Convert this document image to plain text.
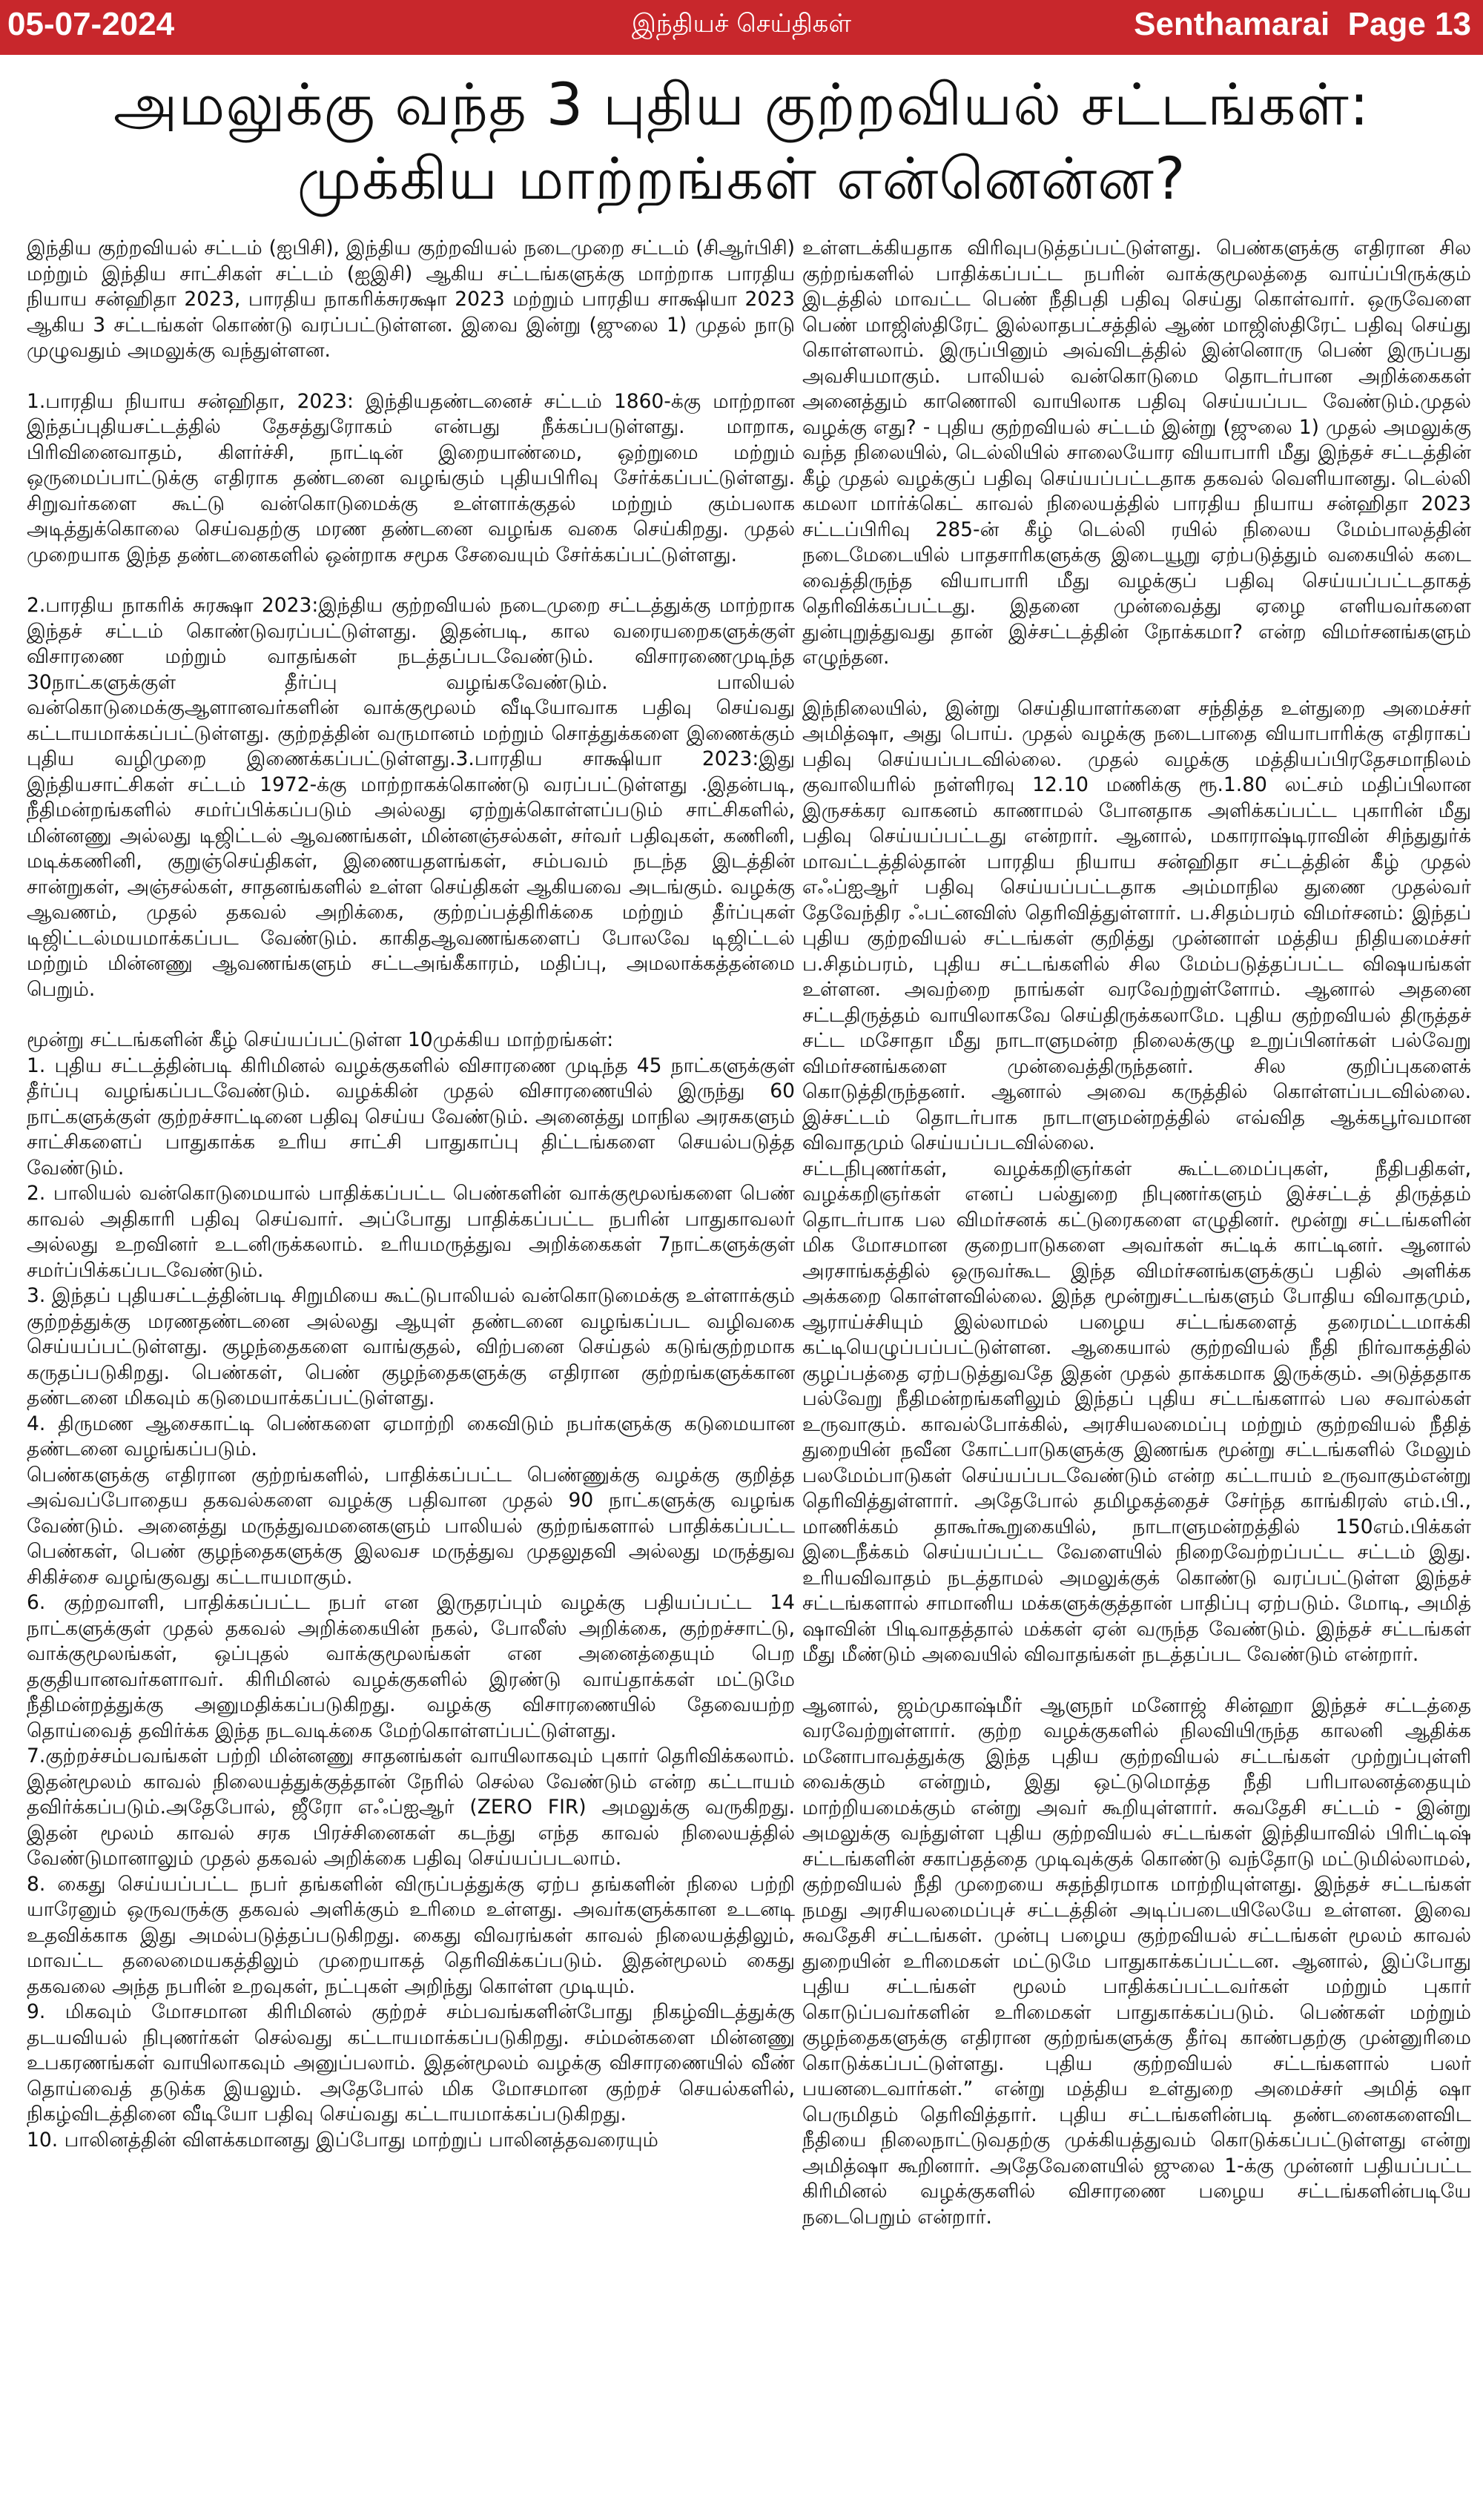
05-07-2024	இந்தியச் செய்திகள்	Senthamarai Page 13
அமலுக்கு வந்த 3 புதிய குற்றவியல் சட்டங்கள்:
முக்கிய மாற்றங்கள் என்னென்ன?

இந்திய குற்றவியல் சட்டம் (ஐபிசி), இந்திய குற்றவியல் நடைமுறை சட்டம் (சிஆர்பிசி) மற்றும் இந்திய சாட்சிகள் சட்டம் (ஐஇசி) ஆகிய சட்டங்களுக்கு மாற்றாக பாரதிய நியாய சன்ஹிதா 2023, பாரதிய நாகரிக்சுரக்ஷா 2023 மற்றும் பாரதிய சாக்ஷியா 2023 ஆகிய 3 சட்டங்கள் கொண்டு வரப்பட்டுள்ளன. இவை இன்று (ஜுலை 1) முதல் நாடு முழுவதும் அமலுக்கு வந்துள்ளன.

1.பாரதிய நியாய சன்ஹிதா, 2023: இந்தியதண்டனைச் சட்டம் 1860-க்கு மாற்றான இந்தப்புதியசட்டத்தில் தேசத்துரோகம் என்பது நீக்கப்படுள்ளது. மாறாக, பிரிவினைவாதம், கிளர்ச்சி, நாட்டின் இறையாண்மை, ஒற்றுமை மற்றும் ஒருமைப்பாட்டுக்கு எதிராக தண்டனை வழங்கும் புதியபிரிவு சேர்க்கப்பட்டுள்ளது. சிறுவர்களை கூட்டு வன்கொடுமைக்கு உள்ளாக்குதல் மற்றும் கும்பலாக அடித்துக்கொலை செய்வதற்கு மரண தண்டனை வழங்க வகை செய்கிறது. முதல் முறையாக இந்த தண்டனைகளில் ஒன்றாக சமூக சேவையும் சேர்க்கப்பட்டுள்ளது.

2.பாரதிய நாகரிக் சுரக்ஷா 2023:இந்திய குற்றவியல் நடைமுறை சட்டத்துக்கு மாற்றாக இந்தச் சட்டம் கொண்டுவரப்பட்டுள்ளது. இதன்படி, கால வரையறைகளுக்குள் விசாரணை மற்றும் வாதங்கள் நடத்தப்படவேண்டும். விசாரணைமுடிந்த 30நாட்களுக்குள் தீர்ப்பு வழங்கவேண்டும். பாலியல் வன்கொடுமைக்குஆளானவர்களின் வாக்குமூலம் வீடியோவாக பதிவு செய்வது கட்டாயமாக்கப்பட்டுள்ளது. குற்றத்தின் வருமானம் மற்றும் சொத்துக்களை இணைக்கும் புதிய வழிமுறை இணைக்கப்பட்டுள்ளது.3.பாரதிய சாக்ஷியா 2023:இது இந்தியசாட்சிகள் சட்டம் 1972-க்கு மாற்றாகக்கொண்டு வரப்பட்டுள்ளது .இதன்படி, நீதிமன்றங்களில் சமர்ப்பிக்கப்படும் அல்லது ஏற்றுக்கொள்ளப்படும் சாட்சிகளில், மின்னணு அல்லது டிஜிட்டல் ஆவணங்கள், மின்னஞ்சல்கள், சர்வர் பதிவுகள், கணினி, மடிக்கணினி, குறுஞ்செய்திகள், இணையதளங்கள், சம்பவம் நடந்த இடத்தின் சான்றுகள், அஞ்சல்கள், சாதனங்களில் உள்ள செய்திகள் ஆகியவை அடங்கும். வழக்கு ஆவணம், முதல் தகவல் அறிக்கை, குற்றப்பத்திரிக்கை மற்றும் தீர்ப்புகள் டிஜிட்டல்மயமாக்கப்பட வேண்டும். காகிதஆவணங்களைப் போலவே டிஜிட்டல் மற்றும் மின்னணு ஆவணங்களும் சட்டஅங்கீகாரம், மதிப்பு, அமலாக்கத்தன்மை பெறும்.

மூன்று சட்டங்களின் கீழ் செய்யப்பட்டுள்ள 10முக்கிய மாற்றங்கள்:
1. புதிய சட்டத்தின்படி கிரிமினல் வழக்குகளில் விசாரணை முடிந்த 45 நாட்களுக்குள் தீர்ப்பு வழங்கப்படவேண்டும். வழக்கின் முதல் விசாரணையில் இருந்து 60 நாட்களுக்குள் குற்றச்சாட்டினை பதிவு செய்ய வேண்டும். அனைத்து மாநில அரசுகளும் சாட்சிகளைப் பாதுகாக்க உரிய சாட்சி பாதுகாப்பு திட்டங்களை செயல்படுத்த வேண்டும்.
2. பாலியல் வன்கொடுமையால் பாதிக்கப்பட்ட பெண்களின் வாக்குமூலங்களை பெண் காவல் அதிகாரி பதிவு செய்வார். அப்போது பாதிக்கப்பட்ட நபரின் பாதுகாவலர் அல்லது உறவினர் உடனிருக்கலாம். உரியமருத்துவ அறிக்கைகள் 7நாட்களுக்குள் சமர்ப்பிக்கப்படவேண்டும்.
3. இந்தப் புதியசட்டத்தின்படி சிறுமியை கூட்டுபாலியல் வன்கொடுமைக்கு உள்ளாக்கும் குற்றத்துக்கு மரணதண்டனை அல்லது ஆயுள் தண்டனை வழங்கப்பட வழிவகை செய்யப்பட்டுள்ளது. குழந்தைகளை வாங்குதல், விற்பனை செய்தல் கடுங்குற்றமாக கருதப்படுகிறது. பெண்கள், பெண் குழந்தைகளுக்கு எதிரான குற்றங்களுக்கான தண்டனை மிகவும் கடுமையாக்கப்பட்டுள்ளது.
4. திருமண ஆசைகாட்டி பெண்களை ஏமாற்றி கைவிடும் நபர்களுக்கு கடுமையான தண்டனை வழங்கப்படும்.
பெண்களுக்கு எதிரான குற்றங்களில், பாதிக்கப்பட்ட பெண்ணுக்கு வழக்கு குறித்த அவ்வப்போதைய தகவல்களை வழக்கு பதிவான முதல் 90 நாட்களுக்கு வழங்க வேண்டும். அனைத்து மருத்துவமனைகளும் பாலியல் குற்றங்களால் பாதிக்கப்பட்ட பெண்கள், பெண் குழந்தைகளுக்கு இலவச மருத்துவ முதலுதவி அல்லது மருத்துவ சிகிச்சை வழங்குவது கட்டாயமாகும்.
6. குற்றவாளி, பாதிக்கப்பட்ட நபர் என இருதரப்பும் வழக்கு பதியப்பட்ட 14 நாட்களுக்குள் முதல் தகவல் அறிக்கையின் நகல், போலீஸ் அறிக்கை, குற்றச்சாட்டு, வாக்குமூலங்கள், ஒப்புதல் வாக்குமூலங்கள் என அனைத்தையும் பெற தகுதியானவர்களாவர். கிரிமினல் வழக்குகளில் இரண்டு வாய்தாக்கள் மட்டுமே நீதிமன்றத்துக்கு அனுமதிக்கப்படுகிறது. வழக்கு விசாரணையில் தேவையற்ற தொய்வைத் தவிர்க்க இந்த நடவடிக்கை மேற்கொள்ளப்பட்டுள்ளது.
7.குற்றச்சம்பவங்கள் பற்றி மின்னணு சாதனங்கள் வாயிலாகவும் புகார் தெரிவிக்கலாம். இதன்மூலம் காவல் நிலையத்துக்குத்தான் நேரில் செல்ல வேண்டும் என்ற கட்டாயம் தவிர்க்கப்படும்.அதேபோல், ஜீரோ எஃப்ஐஆர் (ZERO FIR) அமலுக்கு வருகிறது. இதன் மூலம் காவல் சரக பிரச்சினைகள் கடந்து எந்த காவல் நிலையத்தில் வேண்டுமானாலும் முதல் தகவல் அறிக்கை பதிவு செய்யப்படலாம்.
8. கைது செய்யப்பட்ட நபர் தங்களின் விருப்பத்துக்கு ஏற்ப தங்களின் நிலை பற்றி யாரேனும் ஒருவருக்கு தகவல் அளிக்கும் உரிமை உள்ளது. அவர்களுக்கான உடனடி உதவிக்காக இது அமல்படுத்தப்படுகிறது. கைது விவரங்கள் காவல் நிலையத்திலும், மாவட்ட தலைமையகத்திலும் முறையாகத் தெரிவிக்கப்படும். இதன்மூலம் கைது தகவலை அந்த நபரின் உறவுகள், நட்புகள் அறிந்து கொள்ள முடியும்.
9. மிகவும் மோசமான கிரிமினல் குற்றச் சம்பவங்களின்போது நிகழ்விடத்துக்கு தடயவியல் நிபுணர்கள் செல்வது கட்டாயமாக்கப்படுகிறது. சம்மன்களை மின்னணு உபகரணங்கள் வாயிலாகவும் அனுப்பலாம். இதன்மூலம் வழக்கு விசாரணையில் வீண் தொய்வைத் தடுக்க இயலும். அதேபோல் மிக மோசமான குற்றச் செயல்களில், நிகழ்விடத்தினை வீடியோ பதிவு செய்வது கட்டாயமாக்கப்படுகிறது.
10. பாலினத்தின் விளக்கமானது இப்போது மாற்றுப் பாலினத்தவரையும்

உள்ளடக்கியதாக விரிவுபடுத்தப்பட்டுள்ளது. பெண்களுக்கு எதிரான சில குற்றங்களில் பாதிக்கப்பட்ட நபரின் வாக்குமூலத்தை வாய்ப்பிருக்கும் இடத்தில் மாவட்ட பெண் நீதிபதி பதிவு செய்து கொள்வார். ஒருவேளை பெண் மாஜிஸ்திரேட் இல்லாதபட்சத்தில் ஆண் மாஜிஸ்திரேட் பதிவு செய்து கொள்ளலாம். இருப்பினும் அவ்விடத்தில் இன்னொரு பெண் இருப்பது அவசியமாகும். பாலியல் வன்கொடுமை தொடர்பான அறிக்கைகள் அனைத்தும் காணொலி வாயிலாக பதிவு செய்யப்பட வேண்டும்.முதல் வழக்கு எது? - புதிய குற்றவியல் சட்டம் இன்று (ஜுலை 1) முதல் அமலுக்கு வந்த நிலையில், டெல்லியில் சாலையோர வியாபாரி மீது இந்தச் சட்டத்தின் கீழ் முதல் வழக்குப் பதிவு செய்யப்பட்டதாக தகவல் வெளியானது. டெல்லி கமலா மார்க்கெட் காவல் நிலையத்தில் பாரதிய நியாய சன்ஹிதா 2023 சட்டப்பிரிவு 285-ன் கீழ் டெல்லி ரயில் நிலைய மேம்பாலத்தின் நடைமேடையில் பாதசாரிகளுக்கு இடையூறு ஏற்படுத்தும் வகையில் கடை வைத்திருந்த வியாபாரி மீது வழக்குப் பதிவு செய்யப்பட்டதாகத் தெரிவிக்கப்பட்டது. இதனை முன்வைத்து ஏழை எளியவர்களை துன்புறுத்துவது தான் இச்சட்டத்தின் நோக்கமா? என்ற விமர்சனங்களும் எழுந்தன.

இந்நிலையில், இன்று செய்தியாளர்களை சந்தித்த உள்துறை அமைச்சர் அமித்ஷா, அது பொய். முதல் வழக்கு நடைபாதை வியாபாரிக்கு எதிராகப் பதிவு செய்யப்படவில்லை. முதல் வழக்கு மத்தியப்பிரதேசமாநிலம் குவாலியரில் நள்ளிரவு 12.10 மணிக்கு ரூ.1.80 லட்சம் மதிப்பிலான இருசக்கர வாகனம் காணாமல் போனதாக அளிக்கப்பட்ட புகாரின் மீது பதிவு செய்யப்பட்டது என்றார். ஆனால், மகாராஷ்டிராவின் சிந்துதுர்க் மாவட்டத்தில்தான் பாரதிய நியாய சன்ஹிதா சட்டத்தின் கீழ் முதல் எஃப்ஐஆர் பதிவு செய்யப்பட்டதாக அம்மாநில துணை முதல்வர் தேவேந்திர ஃபட்னவிஸ் தெரிவித்துள்ளார். ப.சிதம்பரம் விமர்சனம்: இந்தப் புதிய குற்றவியல் சட்டங்கள் குறித்து முன்னாள் மத்திய நிதியமைச்சர் ப.சிதம்பரம், புதிய சட்டங்களில் சில மேம்படுத்தப்பட்ட விஷயங்கள் உள்ளன. அவற்றை நாங்கள் வரவேற்றுள்ளோம். ஆனால் அதனை சட்டதிருத்தம் வாயிலாகவே செய்திருக்கலாமே. புதிய குற்றவியல் திருத்தச் சட்ட மசோதா மீது நாடாளுமன்ற நிலைக்குழு உறுப்பினர்கள் பல்வேறு விமர்சனங்களை முன்வைத்திருந்தனர். சில குறிப்புகளைக் கொடுத்திருந்தனர். ஆனால் அவை கருத்தில் கொள்ளப்படவில்லை. இச்சட்டம் தொடர்பாக நாடாளுமன்றத்தில் எவ்வித ஆக்கபூர்வமான விவாதமும் செய்யப்படவில்லை.
சட்டநிபுணர்கள், வழக்கறிஞர்கள் கூட்டமைப்புகள், நீதிபதிகள், வழக்கறிஞர்கள் எனப் பல்துறை நிபுணர்களும் இச்சட்டத் திருத்தம் தொடர்பாக பல விமர்சனக் கட்டுரைகளை எழுதினர். மூன்று சட்டங்களின் மிக மோசமான குறைபாடுகளை அவர்கள் சுட்டிக் காட்டினர். ஆனால் அரசாங்கத்தில் ஒருவர்கூட இந்த விமர்சனங்களுக்குப் பதில் அளிக்க அக்கறை கொள்ளவில்லை. இந்த மூன்றுசட்டங்களும் போதிய விவாதமும், ஆராய்ச்சியும் இல்லாமல் பழைய சட்டங்களைத் தரைமட்டமாக்கி கட்டியெழுப்பப்பட்டுள்ளன. ஆகையால் குற்றவியல் நீதி நிர்வாகத்தில் குழப்பத்தை ஏற்படுத்துவதே இதன் முதல் தாக்கமாக இருக்கும். அடுத்ததாக பல்வேறு நீதிமன்றங்களிலும் இந்தப் புதிய சட்டங்களால் பல சவால்கள் உருவாகும். காவல்போக்கில், அரசியலமைப்பு மற்றும் குற்றவியல் நீதித் துறையின் நவீன கோட்பாடுகளுக்கு இணங்க மூன்று சட்டங்களில் மேலும் பலமேம்பாடுகள் செய்யப்படவேண்டும் என்ற கட்டாயம் உருவாகும்என்று தெரிவித்துள்ளார். அதேபோல் தமிழகத்தைச் சேர்ந்த காங்கிரஸ் எம்.பி., மாணிக்கம் தாகூர்கூறுகையில், நாடாளுமன்றத்தில் 150எம்.பிக்கள் இடைநீக்கம் செய்யப்பட்ட வேளையில் நிறைவேற்றப்பட்ட சட்டம் இது. உரியவிவாதம் நடத்தாமல் அமலுக்குக் கொண்டு வரப்பட்டுள்ள இந்தச் சட்டங்களால் சாமானிய மக்களுக்குத்தான் பாதிப்பு ஏற்படும். மோடி, அமித் ஷாவின் பிடிவாதத்தால் மக்கள் ஏன் வருந்த வேண்டும். இந்தச் சட்டங்கள் மீது மீண்டும் அவையில் விவாதங்கள் நடத்தப்பட வேண்டும் என்றார்.

ஆனால், ஜம்முகாஷ்மீர் ஆளுநர் மனோஜ் சின்ஹா இந்தச் சட்டத்தை வரவேற்றுள்ளார். குற்ற வழக்குகளில் நிலவியிருந்த காலனி ஆதிக்க மனோபாவத்துக்கு இந்த புதிய குற்றவியல் சட்டங்கள் முற்றுப்புள்ளி வைக்கும் என்றும், இது ஒட்டுமொத்த நீதி பரிபாலனத்தையும் மாற்றியமைக்கும் என்று அவர் கூறியுள்ளார். சுவதேசி சட்டம் - இன்று அமலுக்கு வந்துள்ள புதிய குற்றவியல் சட்டங்கள் இந்தியாவில் பிரிட்டிஷ் சட்டங்களின் சகாப்தத்தை முடிவுக்குக் கொண்டு வந்தோடு மட்டுமில்லாமல், குற்றவியல் நீதி முறையை சுதந்திரமாக மாற்றியுள்ளது. இந்தச் சட்டங்கள் நமது அரசியலமைப்புச் சட்டத்தின் அடிப்படையிலேயே உள்ளன. இவை சுவதேசி சட்டங்கள். முன்பு பழைய குற்றவியல் சட்டங்கள் மூலம் காவல் துறையின் உரிமைகள் மட்டுமே பாதுகாக்கப்பட்டன. ஆனால், இப்போது புதிய சட்டங்கள் மூலம் பாதிக்கப்பட்டவர்கள் மற்றும் புகார் கொடுப்பவர்களின் உரிமைகள் பாதுகாக்கப்படும். பெண்கள் மற்றும் குழந்தைகளுக்கு எதிரான குற்றங்களுக்கு தீர்வு காண்பதற்கு முன்னுரிமை கொடுக்கப்பட்டுள்ளது. புதிய குற்றவியல் சட்டங்களால் பலர் பயனடைவார்கள்.” என்று மத்திய உள்துறை அமைச்சர் அமித் ஷா பெருமிதம் தெரிவித்தார். புதிய சட்டங்களின்படி தண்டனைகளைவிட நீதியை நிலைநாட்டுவதற்கு முக்கியத்துவம் கொடுக்கப்பட்டுள்ளது என்று அமித்ஷா கூறினார். அதேவேளையில் ஜுலை 1-க்கு முன்னர் பதியப்பட்ட கிரிமினல் வழக்குகளில் விசாரணை பழைய சட்டங்களின்படியே நடைபெறும் என்றார்.
